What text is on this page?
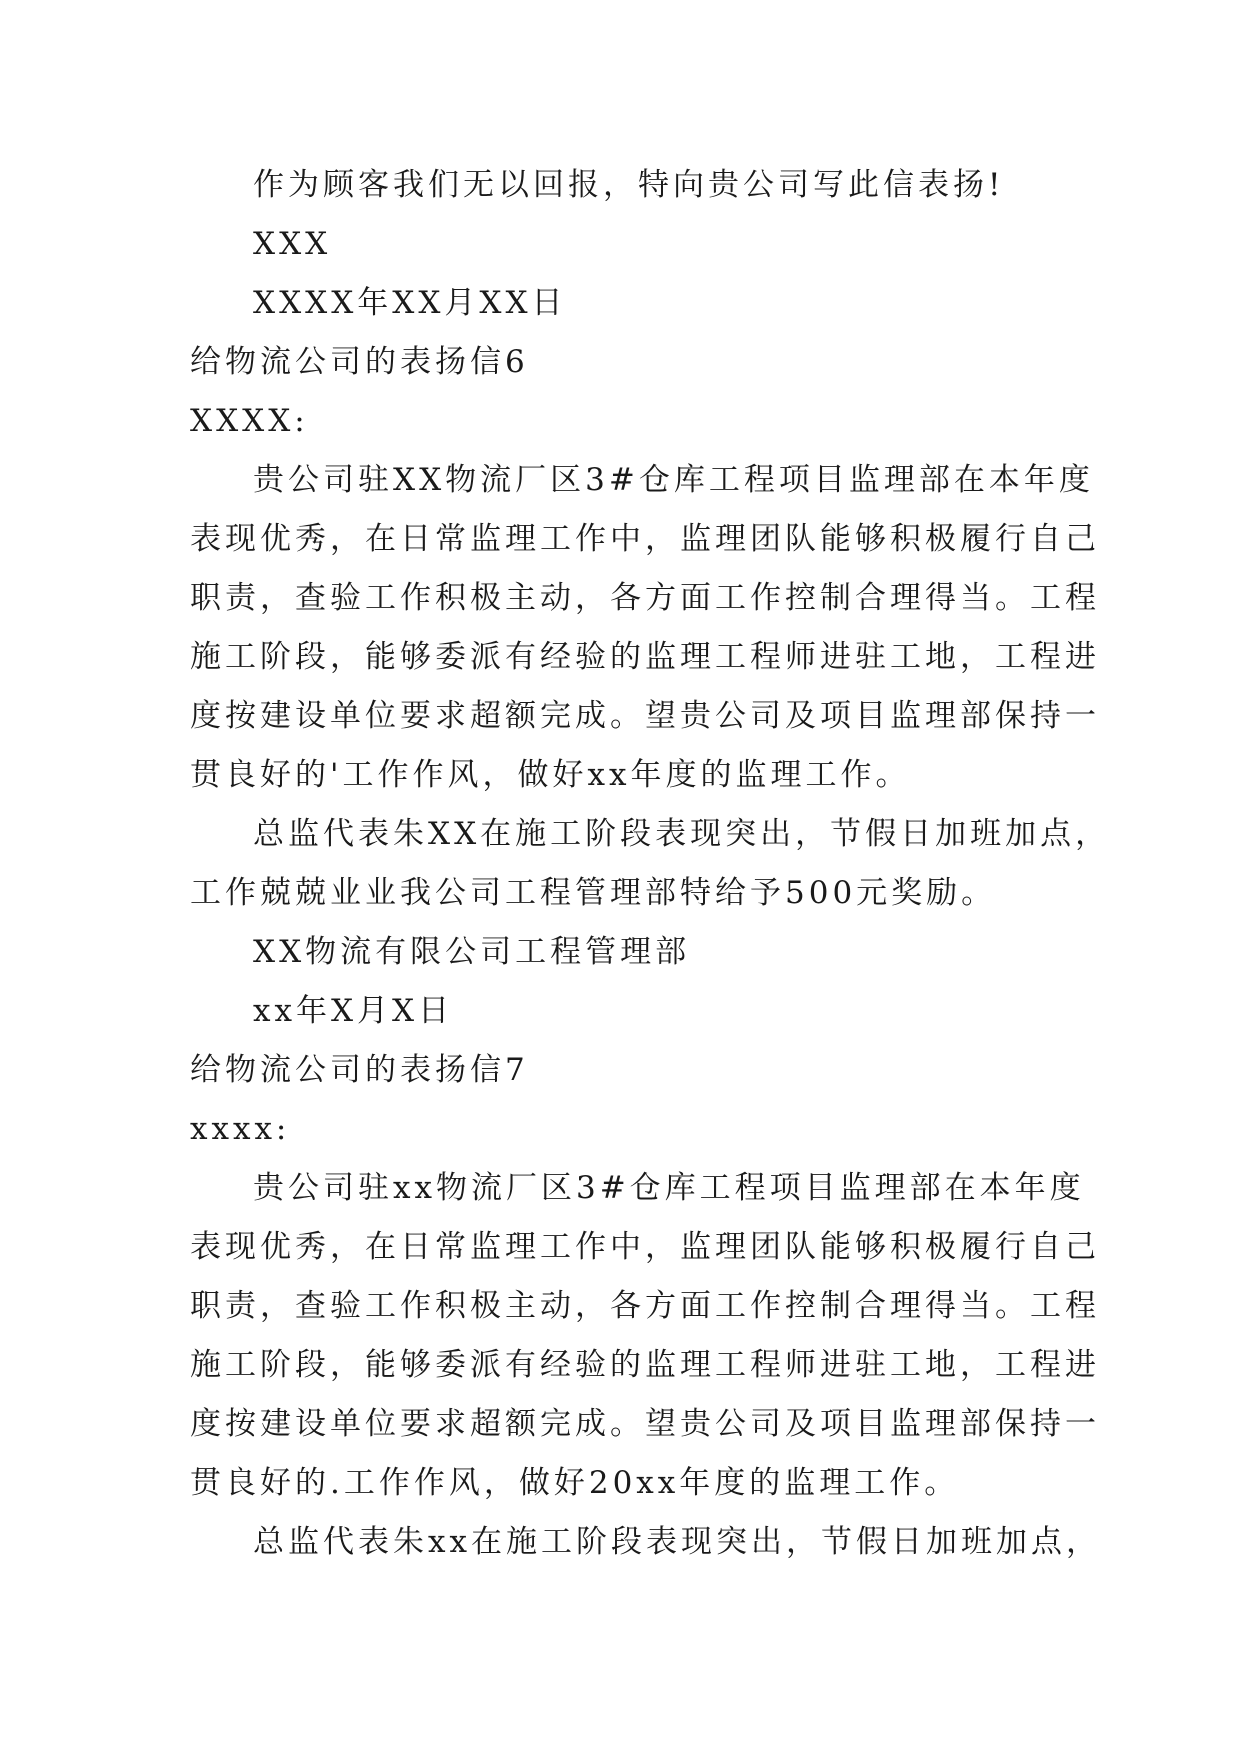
作为顾客我们无以回报，特向贵公司写此信表扬!
XXX
XXXX年XX月XX日
给物流公司的表扬信6
XXXX:
贵公司驻XX物流厂区3#仓库工程项目监理部在本年度
表现优秀，在日常监理工作中，监理团队能够积极履行自己
职责，查验工作积极主动，各方面工作控制合理得当。工程
施工阶段，能够委派有经验的监理工程师进驻工地，工程进
度按建设单位要求超额完成。望贵公司及项目监理部保持一
贯良好的'工作作风，做好xx年度的监理工作。
总监代表朱XX在施工阶段表现突出，节假日加班加点，
工作兢兢业业我公司工程管理部特给予500元奖励。
XX物流有限公司工程管理部
xx年X月X日
给物流公司的表扬信7
xxxx:
贵公司驻xx物流厂区3#仓库工程项目监理部在本年度
表现优秀，在日常监理工作中，监理团队能够积极履行自己
职责，查验工作积极主动，各方面工作控制合理得当。工程
施工阶段，能够委派有经验的监理工程师进驻工地，工程进
度按建设单位要求超额完成。望贵公司及项目监理部保持一
贯良好的.工作作风，做好20xx年度的监理工作。
总监代表朱xx在施工阶段表现突出，节假日加班加点，
